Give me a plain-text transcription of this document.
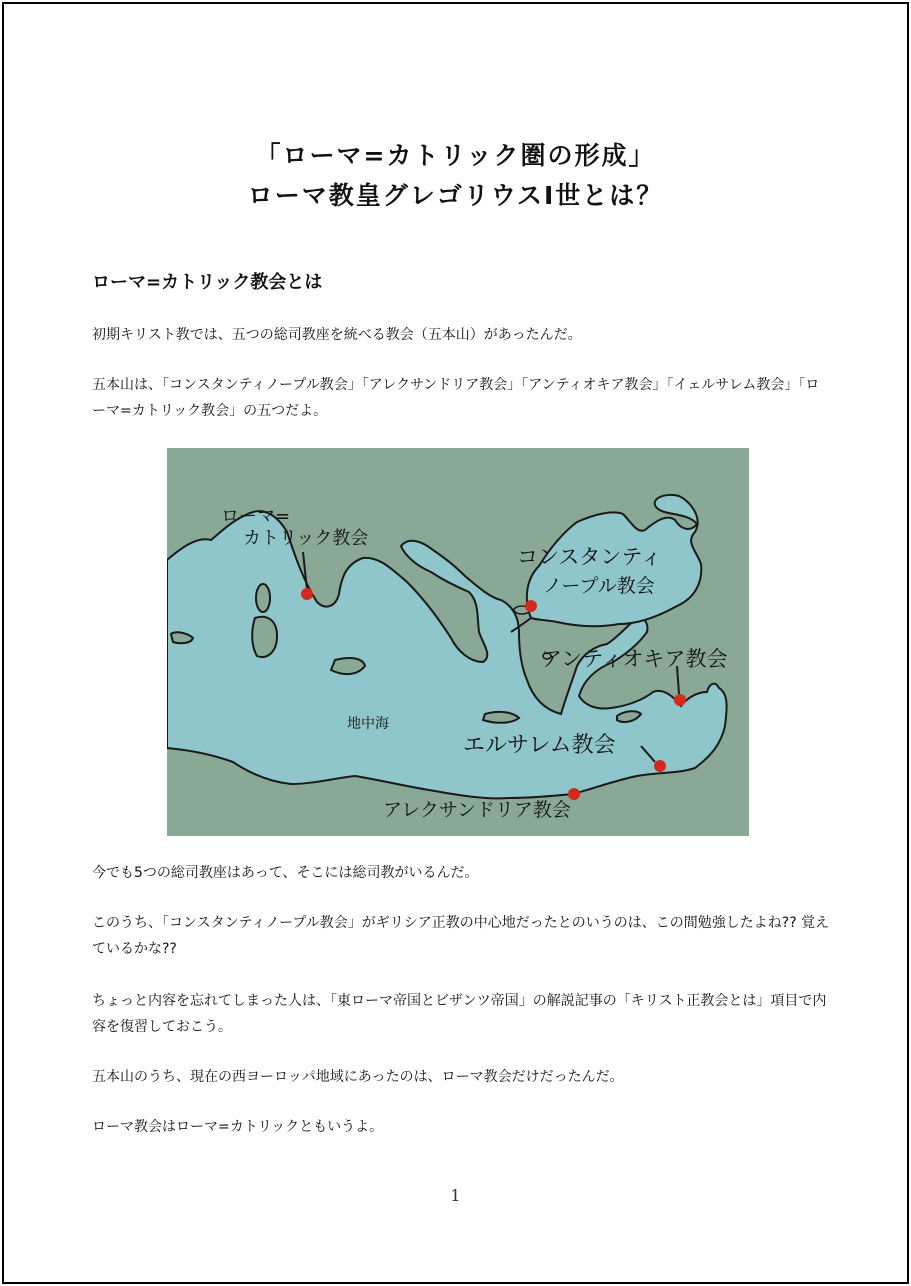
「ローマ=カトリック圏の形成」
ローマ教皇グレゴリウスⅠ世とは？
ローマ=カトリック教会とは

初期キリスト教では、五つの総司教座を統べる教会（五本山）があったんだ。

五本山は、「コンスタンティノープル教会」「アレクサンドリア教会」「アンティオキア教会」「イェルサレム教会」「ローマ=カトリック教会」の五つだよ。

ローマ=
カトリック教会
コンスタンティ
ノープル教会
アンティオキア教会
エルサレム教会
アレクサンドリア教会
地中海

今でも5つの総司教座はあって、そこには総司教がいるんだ。

このうち、「コンスタンティノープル教会」がギリシア正教の中心地だったとのいうのは、この間勉強したよね?? 覚えているかな??

ちょっと内容を忘れてしまった人は、「東ローマ帝国とビザンツ帝国」の解説記事の「キリスト正教会とは」項目で内容を復習しておこう。

五本山のうち、現在の西ヨーロッパ地域にあったのは、ローマ教会だけだったんだ。

ローマ教会はローマ=カトリックともいうよ。

1
